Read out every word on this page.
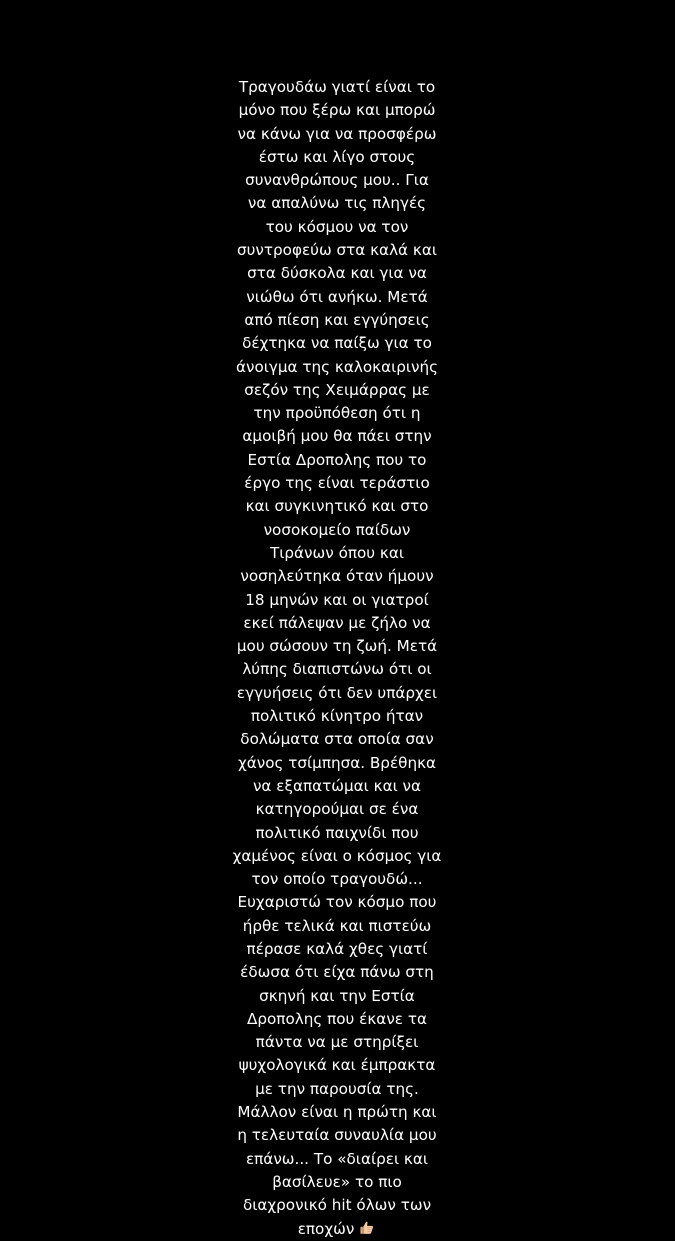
Τραγουδάω γιατί είναι το
μόνο που ξέρω και μπορώ
να κάνω για να προσφέρω
έστω και λίγο στους
συνανθρώπους μου.. Για
να απαλύνω τις πληγές
του κόσμου να τον
συντροφεύω στα καλά και
στα δύσκολα και για να
νιώθω ότι ανήκω. Μετά
από πίεση και εγγύησεις
δέχτηκα να παίξω για το
άνοιγμα της καλοκαιρινής
σεζόν της Χειμάρρας με
την προϋπόθεση ότι η
αμοιβή μου θα πάει στην
Εστία Δροπολης που το
έργο της είναι τεράστιο
και συγκινητικό και στο
νοσοκομείο παίδων
Τιράνων όπου και
νοσηλεύτηκα όταν ήμουν
18 μηνών και οι γιατροί
εκεί πάλεψαν με ζήλο να
μου σώσουν τη ζωή. Μετά
λύπης διαπιστώνω ότι οι
εγγυήσεις ότι δεν υπάρχει
πολιτικό κίνητρο ήταν
δολώματα στα οποία σαν
χάνος τσίμπησα. Βρέθηκα
να εξαπατώμαι και να
κατηγορούμαι σε ένα
πολιτικό παιχνίδι που
χαμένος είναι ο κόσμος για
τον οποίο τραγουδώ...
Ευχαριστώ τον κόσμο που
ήρθε τελικά και πιστεύω
πέρασε καλά χθες γιατί
έδωσα ότι είχα πάνω στη
σκηνή και την Εστία
Δροπολης που έκανε τα
πάντα να με στηρίξει
ψυχολογικά και έμπρακτα
με την παρουσία της.
Μάλλον είναι η πρώτη και
η τελευταία συναυλία μου
επάνω... Το «διαίρει και
βασίλευε» το πιο
διαχρονικό hit όλων των
εποχών
